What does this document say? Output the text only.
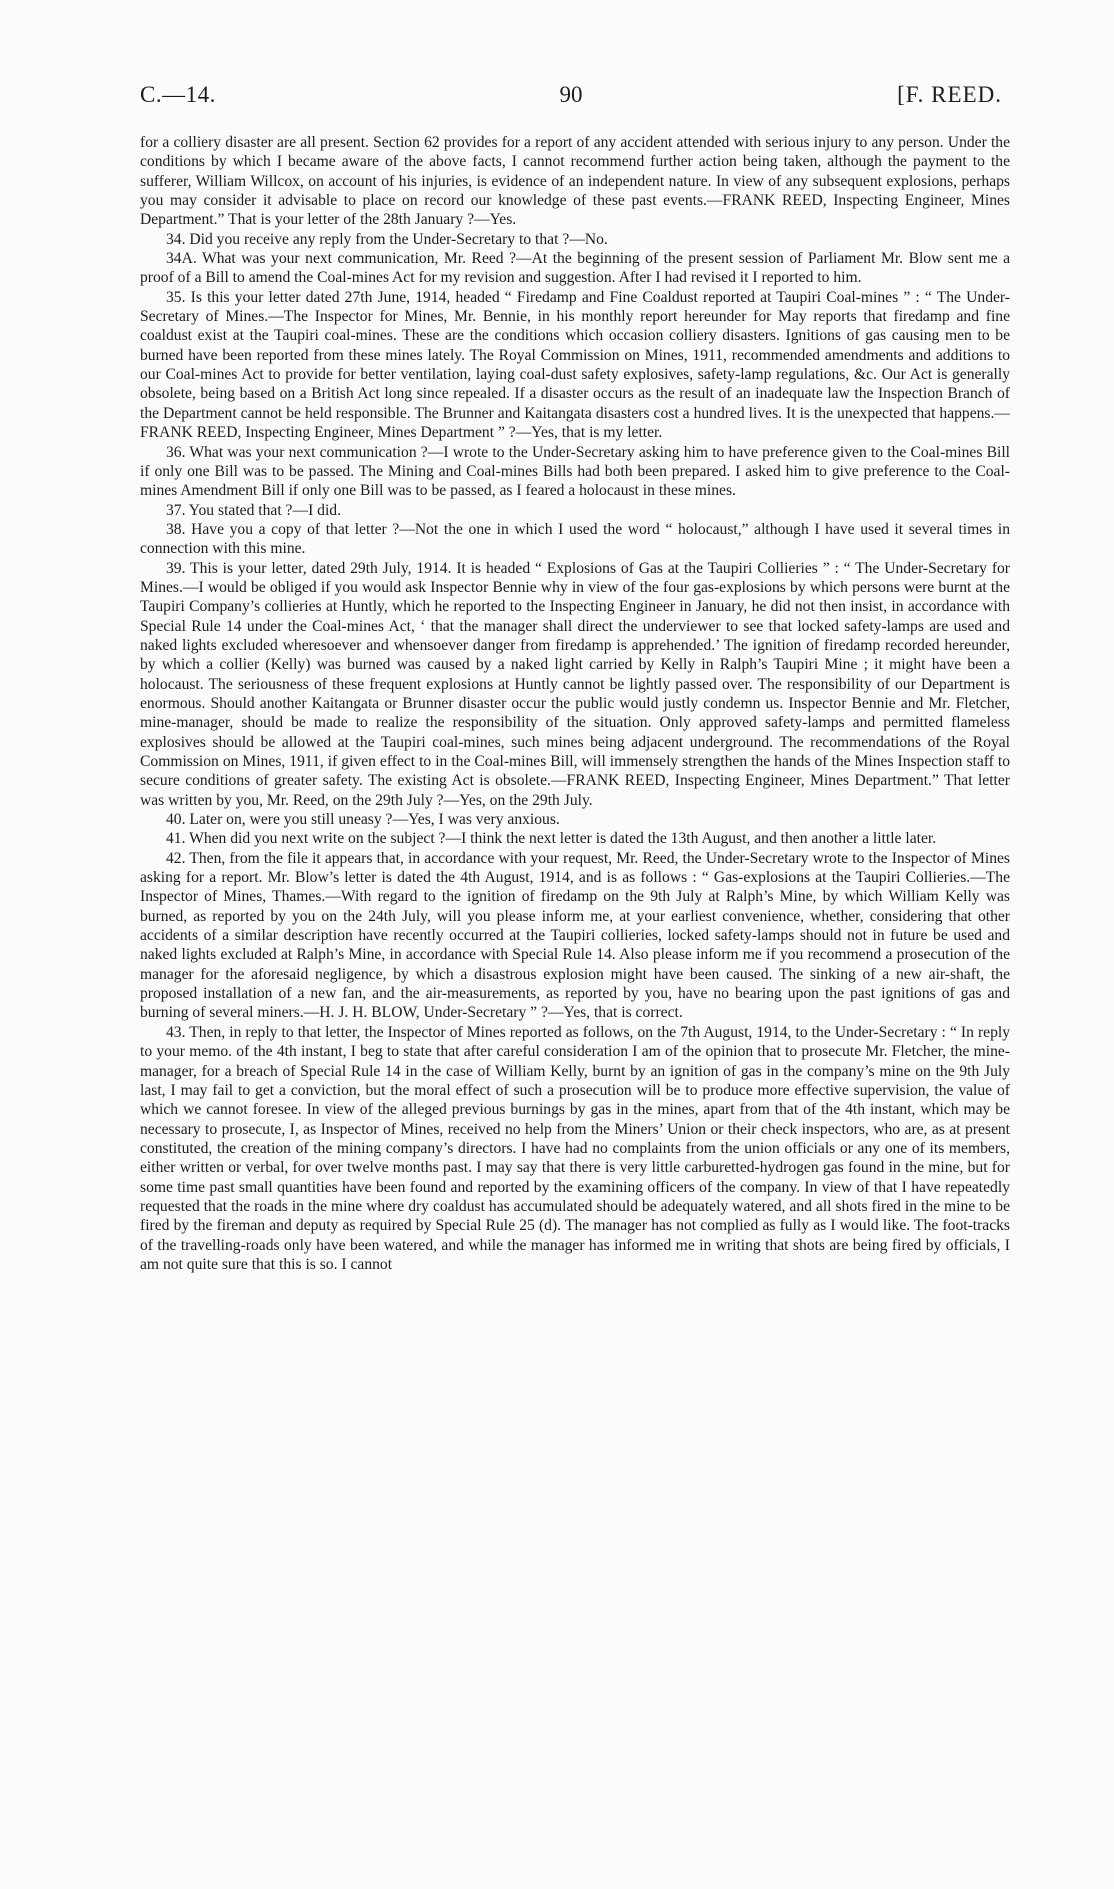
C.—14.	90	[F. REED.

for a colliery disaster are all present. Section 62 provides for a report of any accident attended with serious injury to any person. Under the conditions by which I became aware of the above facts, I cannot recommend further action being taken, although the payment to the sufferer, William Willcox, on account of his injuries, is evidence of an independent nature. In view of any subsequent explosions, perhaps you may consider it advisable to place on record our knowledge of these past events.—FRANK REED, Inspecting Engineer, Mines Department.” That is your letter of the 28th January ?—Yes.

34. Did you receive any reply from the Under-Secretary to that ?—No.

34A. What was your next communication, Mr. Reed ?—At the beginning of the present session of Parliament Mr. Blow sent me a proof of a Bill to amend the Coal-mines Act for my revision and suggestion. After I had revised it I reported to him.

35. Is this your letter dated 27th June, 1914, headed “ Firedamp and Fine Coaldust reported at Taupiri Coal-mines ” : “ The Under-Secretary of Mines.—The Inspector for Mines, Mr. Bennie, in his monthly report hereunder for May reports that firedamp and fine coaldust exist at the Taupiri coal-mines. These are the conditions which occasion colliery disasters. Ignitions of gas causing men to be burned have been reported from these mines lately. The Royal Commission on Mines, 1911, recommended amendments and additions to our Coal-mines Act to provide for better ventilation, laying coal-dust safety explosives, safety-lamp regulations, &c. Our Act is generally obsolete, being based on a British Act long since repealed. If a disaster occurs as the result of an inadequate law the Inspection Branch of the Department cannot be held responsible. The Brunner and Kaitangata disasters cost a hundred lives. It is the unexpected that happens.—FRANK REED, Inspecting Engineer, Mines Department ” ?—Yes, that is my letter.

36. What was your next communication ?—I wrote to the Under-Secretary asking him to have preference given to the Coal-mines Bill if only one Bill was to be passed. The Mining and Coal-mines Bills had both been prepared. I asked him to give preference to the Coal-mines Amendment Bill if only one Bill was to be passed, as I feared a holocaust in these mines.

37. You stated that ?—I did.

38. Have you a copy of that letter ?—Not the one in which I used the word “ holocaust,” although I have used it several times in connection with this mine.

39. This is your letter, dated 29th July, 1914. It is headed “ Explosions of Gas at the Taupiri Collieries ” : “ The Under-Secretary for Mines.—I would be obliged if you would ask Inspector Bennie why in view of the four gas-explosions by which persons were burnt at the Taupiri Company’s collieries at Huntly, which he reported to the Inspecting Engineer in January, he did not then insist, in accordance with Special Rule 14 under the Coal-mines Act, ‘ that the manager shall direct the underviewer to see that locked safety-lamps are used and naked lights excluded wheresoever and whensoever danger from firedamp is apprehended.’ The ignition of firedamp recorded hereunder, by which a collier (Kelly) was burned was caused by a naked light carried by Kelly in Ralph’s Taupiri Mine ; it might have been a holocaust. The seriousness of these frequent explosions at Huntly cannot be lightly passed over. The responsibility of our Department is enormous. Should another Kaitangata or Brunner disaster occur the public would justly condemn us. Inspector Bennie and Mr. Fletcher, mine-manager, should be made to realize the responsibility of the situation. Only approved safety-lamps and permitted flameless explosives should be allowed at the Taupiri coal-mines, such mines being adjacent underground. The recommendations of the Royal Commission on Mines, 1911, if given effect to in the Coal-mines Bill, will immensely strengthen the hands of the Mines Inspection staff to secure conditions of greater safety. The existing Act is obsolete.—FRANK REED, Inspecting Engineer, Mines Department.” That letter was written by you, Mr. Reed, on the 29th July ?—Yes, on the 29th July.

40. Later on, were you still uneasy ?—Yes, I was very anxious.

41. When did you next write on the subject ?—I think the next letter is dated the 13th August, and then another a little later.

42. Then, from the file it appears that, in accordance with your request, Mr. Reed, the Under-Secretary wrote to the Inspector of Mines asking for a report. Mr. Blow’s letter is dated the 4th August, 1914, and is as follows : “ Gas-explosions at the Taupiri Collieries.—The Inspector of Mines, Thames.—With regard to the ignition of firedamp on the 9th July at Ralph’s Mine, by which William Kelly was burned, as reported by you on the 24th July, will you please inform me, at your earliest convenience, whether, considering that other accidents of a similar description have recently occurred at the Taupiri collieries, locked safety-lamps should not in future be used and naked lights excluded at Ralph’s Mine, in accordance with Special Rule 14. Also please inform me if you recommend a prosecution of the manager for the aforesaid negligence, by which a disastrous explosion might have been caused. The sinking of a new air-shaft, the proposed installation of a new fan, and the air-measurements, as reported by you, have no bearing upon the past ignitions of gas and burning of several miners.—H. J. H. BLOW, Under-Secretary ” ?—Yes, that is correct.

43. Then, in reply to that letter, the Inspector of Mines reported as follows, on the 7th August, 1914, to the Under-Secretary : “ In reply to your memo. of the 4th instant, I beg to state that after careful consideration I am of the opinion that to prosecute Mr. Fletcher, the mine-manager, for a breach of Special Rule 14 in the case of William Kelly, burnt by an ignition of gas in the company’s mine on the 9th July last, I may fail to get a conviction, but the moral effect of such a prosecution will be to produce more effective supervision, the value of which we cannot foresee. In view of the alleged previous burnings by gas in the mines, apart from that of the 4th instant, which may be necessary to prosecute, I, as Inspector of Mines, received no help from the Miners’ Union or their check inspectors, who are, as at present constituted, the creation of the mining company’s directors. I have had no complaints from the union officials or any one of its members, either written or verbal, for over twelve months past. I may say that there is very little carburetted-hydrogen gas found in the mine, but for some time past small quantities have been found and reported by the examining officers of the company. In view of that I have repeatedly requested that the roads in the mine where dry coaldust has accumulated should be adequately watered, and all shots fired in the mine to be fired by the fireman and deputy as required by Special Rule 25 (d). The manager has not complied as fully as I would like. The foot-tracks of the travelling-roads only have been watered, and while the manager has informed me in writing that shots are being fired by officials, I am not quite sure that this is so. I cannot
